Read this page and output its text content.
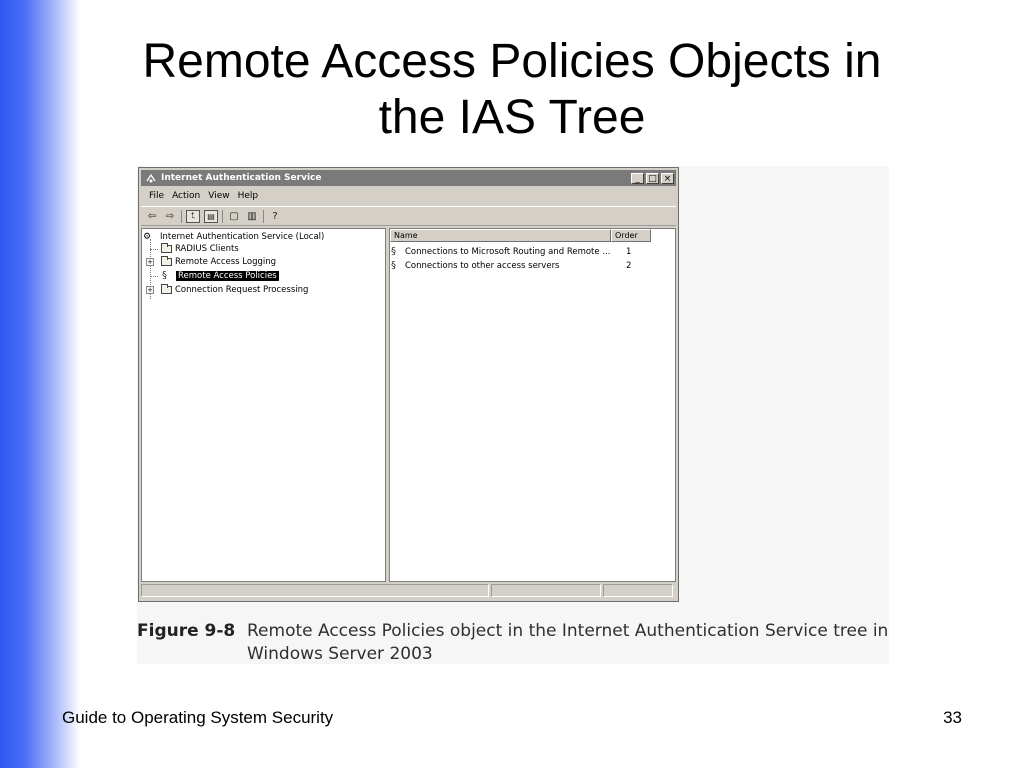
Remote Access Policies Objects in
the IAS Tree
Internet Authentication Service	_ □ ×
File Action View Help
⇦ ⇨	⮤	▤	▢ ▥	?
⚙	Internet Authentication Service (Local)
RADIUS Clients
+	Remote Access Logging
§	Remote Access Policies
+	Connection Request Processing
Name	Order
§	Connections to Microsoft Routing and Remote ...	1
§	Connections to other access servers	2
Figure 9-8 Remote Access Policies object in the Internet Authentication Service tree in
Windows Server 2003
Guide to Operating System Security	33
